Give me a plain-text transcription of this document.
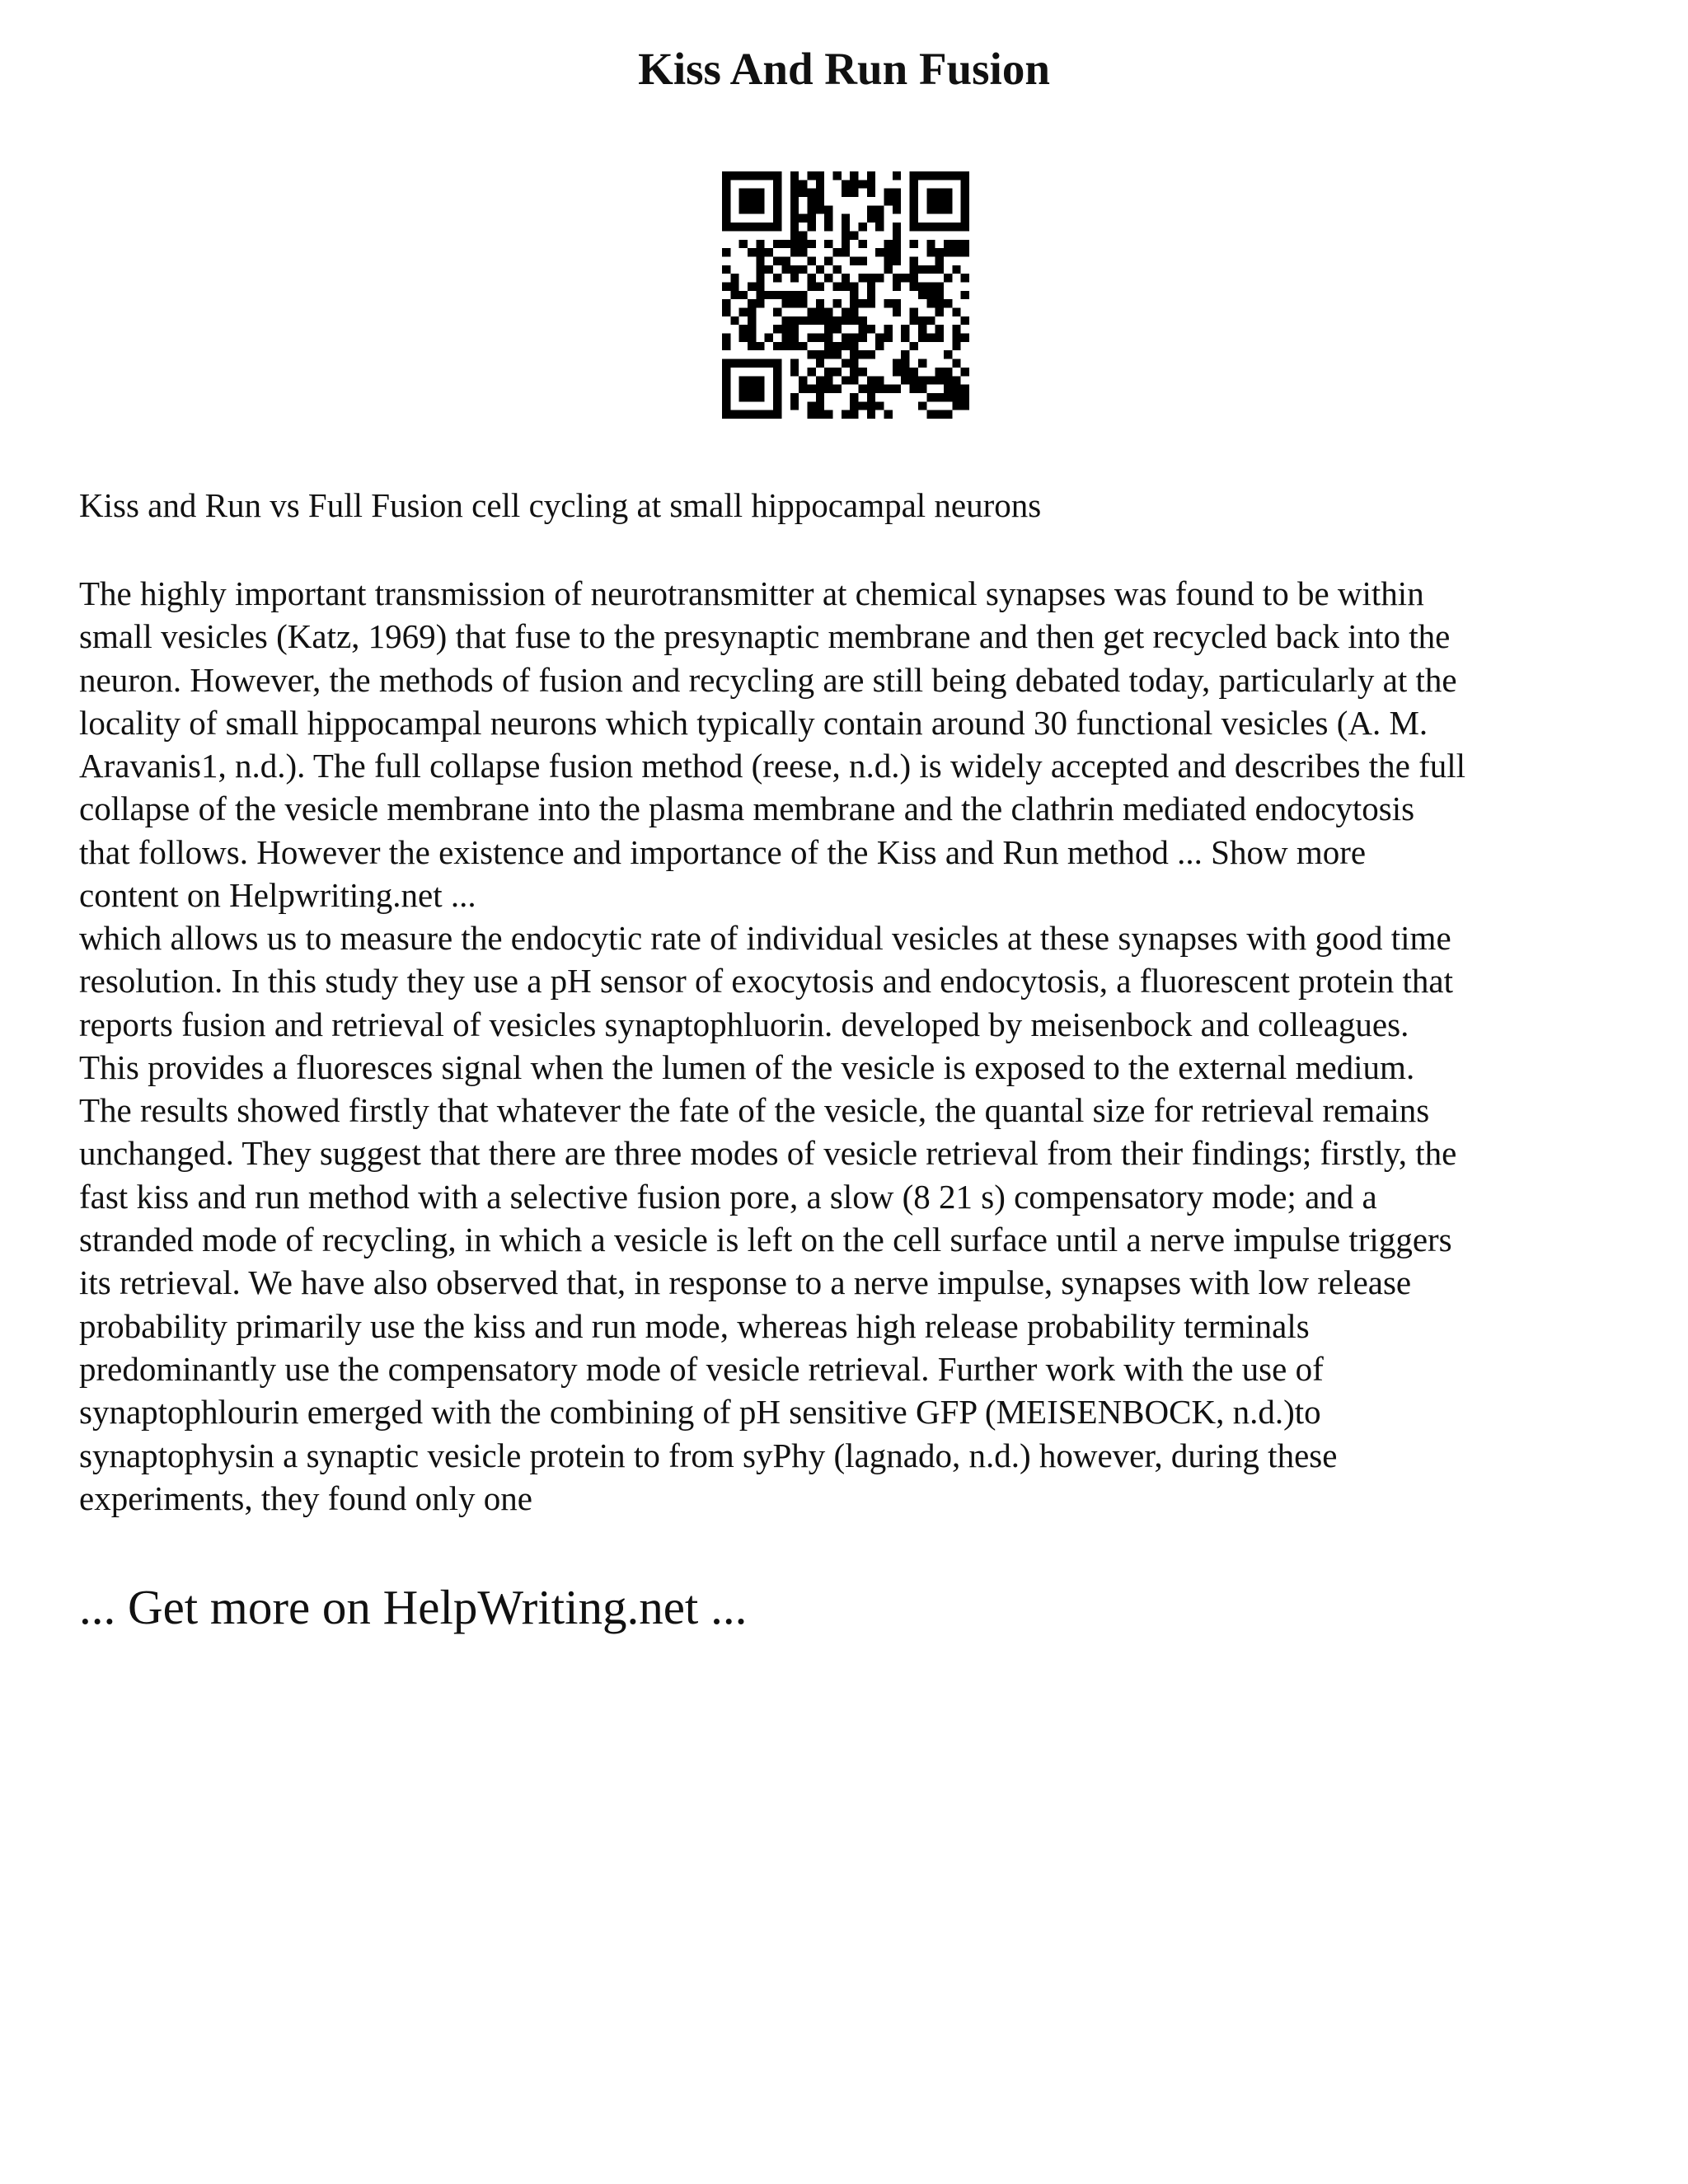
Kiss And Run Fusion

Kiss and Run vs Full Fusion cell cycling at small hippocampal neurons

The highly important transmission of neurotransmitter at chemical synapses was found to be within
small vesicles (Katz, 1969) that fuse to the presynaptic membrane and then get recycled back into the
neuron. However, the methods of fusion and recycling are still being debated today, particularly at the
locality of small hippocampal neurons which typically contain around 30 functional vesicles (A. M.
Aravanis1, n.d.). The full collapse fusion method (reese, n.d.) is widely accepted and describes the full
collapse of the vesicle membrane into the plasma membrane and the clathrin mediated endocytosis
that follows. However the existence and importance of the Kiss and Run method ... Show more
content on Helpwriting.net ...
which allows us to measure the endocytic rate of individual vesicles at these synapses with good time
resolution. In this study they use a pH sensor of exocytosis and endocytosis, a fluorescent protein that
reports fusion and retrieval of vesicles synaptophluorin. developed by meisenbock and colleagues.
This provides a fluoresces signal when the lumen of the vesicle is exposed to the external medium.
The results showed firstly that whatever the fate of the vesicle, the quantal size for retrieval remains
unchanged. They suggest that there are three modes of vesicle retrieval from their findings; firstly, the
fast kiss and run method with a selective fusion pore, a slow (8 21 s) compensatory mode; and a
stranded mode of recycling, in which a vesicle is left on the cell surface until a nerve impulse triggers
its retrieval. We have also observed that, in response to a nerve impulse, synapses with low release
probability primarily use the kiss and run mode, whereas high release probability terminals
predominantly use the compensatory mode of vesicle retrieval. Further work with the use of
synaptophlourin emerged with the combining of pH sensitive GFP (MEISENBOCK, n.d.)to
synaptophysin a synaptic vesicle protein to from syPhy (lagnado, n.d.) however, during these
experiments, they found only one

... Get more on HelpWriting.net ...
